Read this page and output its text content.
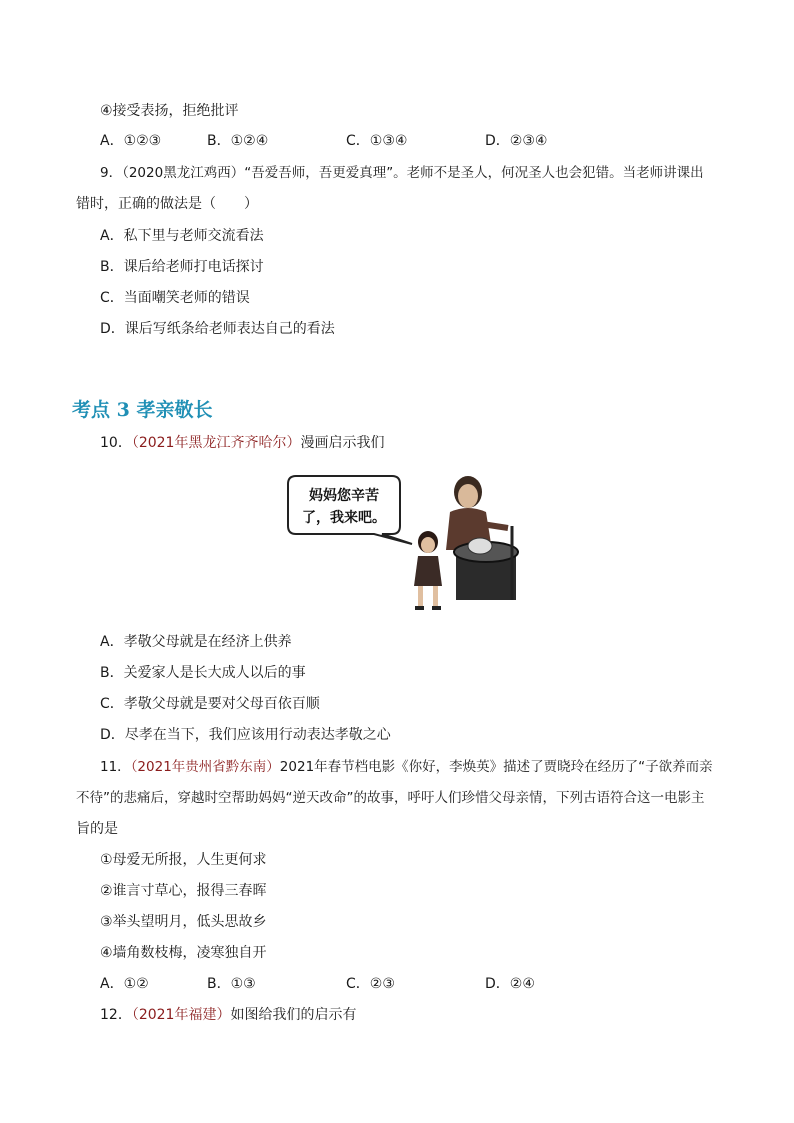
④接受表扬，拒绝批评
A．①②③	B．①②④	C．①③④	D．②③④
9．（2020黑龙江鸡西）“吾爱吾师，吾更爱真理”。老师不是圣人，何况圣人也会犯错。当老师讲课出
错时，正确的做法是（　　）
A．私下里与老师交流看法
B．课后给老师打电话探讨
C．当面嘲笑老师的错误
D．课后写纸条给老师表达自己的看法
考点 3 孝亲敬长
10．（2021年黑龙江齐齐哈尔）漫画启示我们
妈妈您辛苦
了，我来吧。
A．孝敬父母就是在经济上供养
B．关爱家人是长大成人以后的事
C．孝敬父母就是要对父母百依百顺
D．尽孝在当下，我们应该用行动表达孝敬之心
11．（2021年贵州省黔东南）2021年春节档电影《你好，李焕英》描述了贾晓玲在经历了“子欲养而亲
不待”的悲痛后，穿越时空帮助妈妈“逆天改命”的故事，呼吁人们珍惜父母亲情，下列古语符合这一电影主
旨的是
①母爱无所报，人生更何求
②谁言寸草心，报得三春晖
③举头望明月，低头思故乡
④墙角数枝梅，凌寒独自开
A．①②	B．①③	C．②③	D．②④
12．（2021年福建）如图给我们的启示有
